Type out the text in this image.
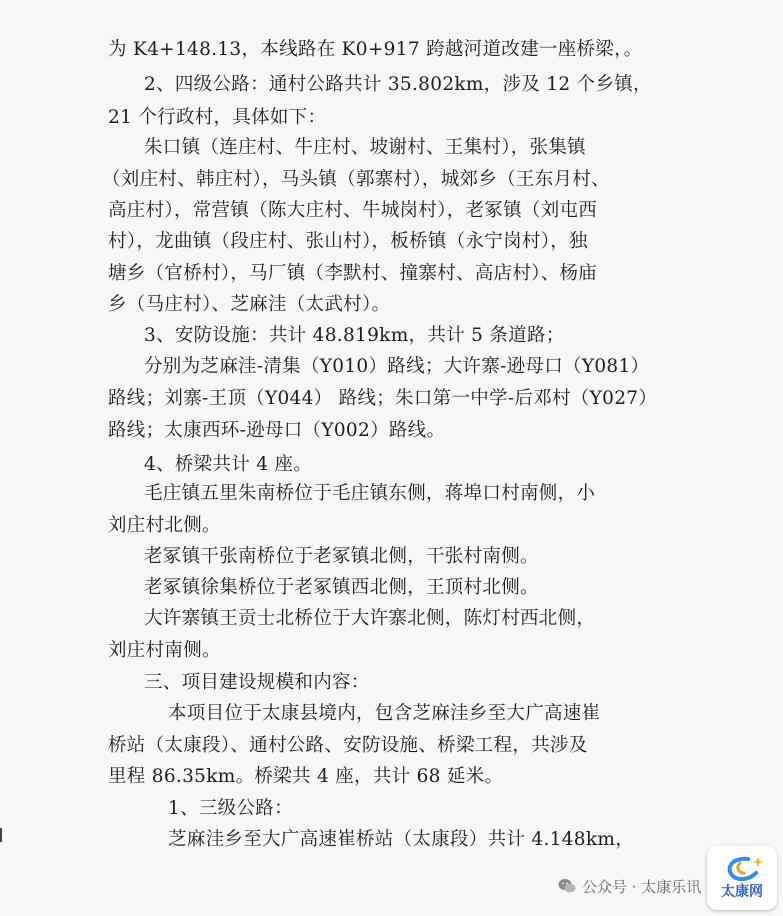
为 K4+148.13，本线路在 K0+917 跨越河道改建一座桥梁，。
2、四级公路：通村公路共计 35.802km，涉及 12 个乡镇，
21 个行政村，具体如下：
朱口镇（连庄村、牛庄村、坡谢村、王集村），张集镇
（刘庄村、韩庄村），马头镇（郭寨村），城郊乡（王东月村、
高庄村），常营镇（陈大庄村、牛城岗村），老冢镇（刘屯西
村），龙曲镇（段庄村、张山村），板桥镇（永宁岗村），独
塘乡（官桥村），马厂镇（李默村、撞寨村、高店村）、杨庙
乡（马庄村）、芝麻洼（太武村）。
3、安防设施：共计 48.819km，共计 5 条道路；
分别为芝麻洼-清集（Y010）路线；大许寨-逊母口（Y081）
路线；刘寨-王顶（Y044） 路线；朱口第一中学-后邓村（Y027）
路线；太康西环-逊母口（Y002）路线。
4、桥梁共计 4 座。
毛庄镇五里朱南桥位于毛庄镇东侧，蒋埠口村南侧，小
刘庄村北侧。
老冢镇干张南桥位于老冢镇北侧，干张村南侧。
老冢镇徐集桥位于老冢镇西北侧，王顶村北侧。
大许寨镇王贡士北桥位于大许寨北侧，陈灯村西北侧，
刘庄村南侧。
三、项目建设规模和内容：
本项目位于太康县境内，包含芝麻洼乡至大广高速崔
桥站（太康段）、通村公路、安防设施、桥梁工程，共涉及
里程 86.35km。桥梁共 4 座，共计 68 延米。
1、三级公路：
芝麻洼乡至大广高速崔桥站（太康段）共计 4.148km，
公众号 · 太康乐讯 太康网
